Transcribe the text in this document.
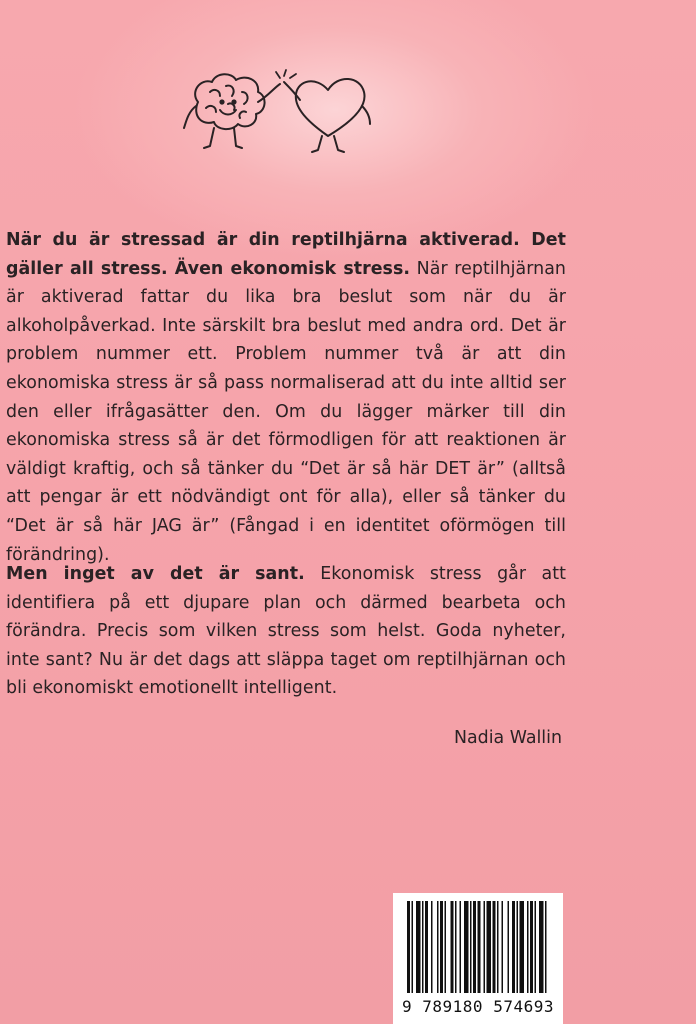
När du är stressad är din reptilhjärna aktiverad. Det gäller all stress. Även ekonomisk stress. När reptilhjärnan är aktiverad fattar du lika bra beslut som när du är alkoholpåverkad. Inte särskilt bra beslut med andra ord. Det är problem nummer ett. Problem nummer två är att din ekonomiska stress är så pass normaliserad att du inte alltid ser den eller ifrågasätter den. Om du lägger märker till din ekonomiska stress så är det förmodligen för att reaktionen är väldigt kraftig, och så tänker du “Det är så här DET är” (alltså att pengar är ett nödvändigt ont för alla), eller så tänker du “Det är så här JAG är” (Fångad i en identitet oförmögen till förändring).

Men inget av det är sant. Ekonomisk stress går att identifiera på ett djupare plan och därmed bearbeta och förändra. Precis som vilken stress som helst. Goda nyheter, inte sant? Nu är det dags att släppa taget om reptilhjärnan och bli ekonomiskt emotionellt intelligent.

Nadia Wallin

9 789180 574693
